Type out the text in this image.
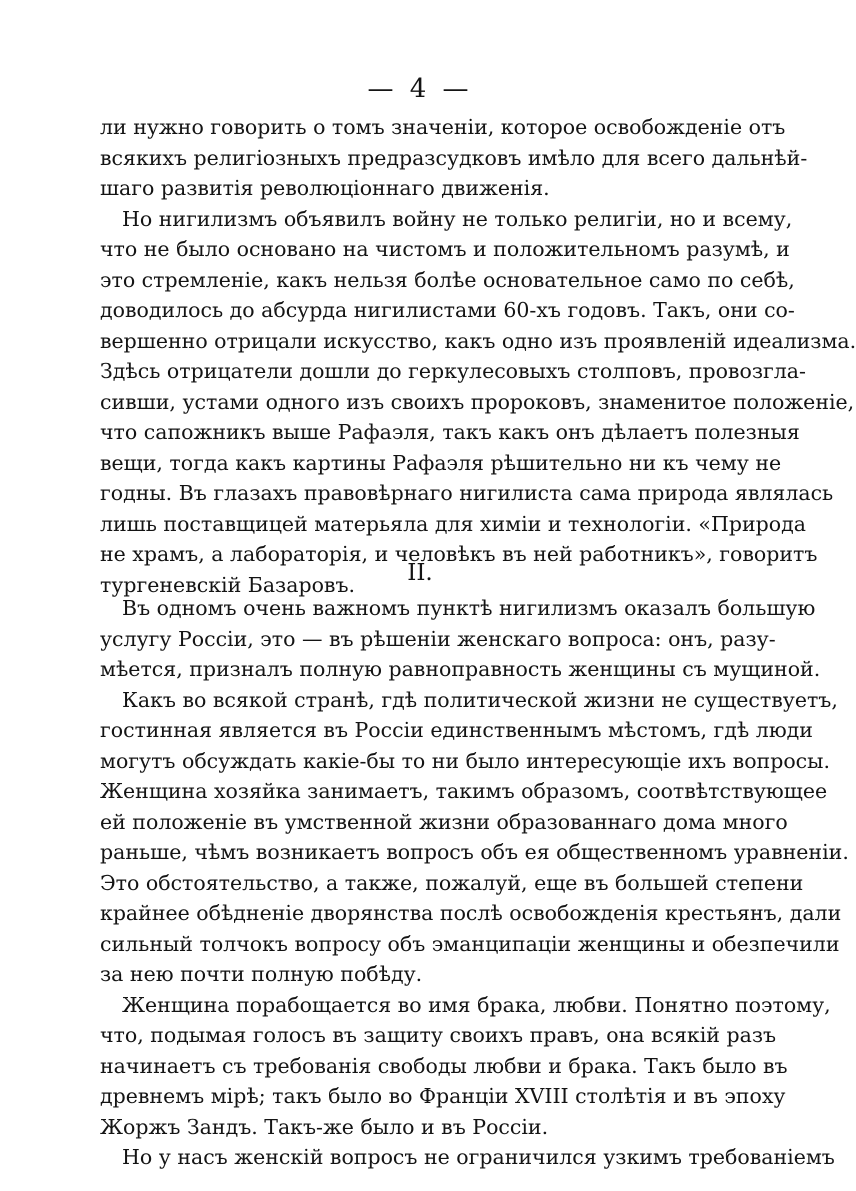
— 4 —
ли нужно говорить о томъ значеніи, которое освобожденіе отъ
всякихъ религіозныхъ предразсудковъ имѣло для всего дальнѣй-
шаго развитія революціоннаго движенія.
Но нигилизмъ объявилъ войну не только религіи, но и всему,
что не было основано на чистомъ и положительномъ разумѣ, и
это стремленіе, какъ нельзя болѣе основательное само по себѣ,
доводилось до абсурда нигилистами 60-хъ годовъ. Такъ, они со-
вершенно отрицали искусство, какъ одно изъ проявленій идеализма.
Здѣсь отрицатели дошли до геркулесовыхъ столповъ, провозгла-
сивши, устами одного изъ своихъ пророковъ, знаменитое положеніе,
что сапожникъ выше Рафаэля, такъ какъ онъ дѣлаетъ полезныя
вещи, тогда какъ картины Рафаэля рѣшительно ни къ чему не
годны. Въ глазахъ правовѣрнаго нигилиста сама природа являлась
лишь поставщицей матерьяла для химіи и технологіи. «Природа
не храмъ, а лабораторія, и человѣкъ въ ней работникъ», говоритъ
тургеневскій Базаровъ.	II.
Въ одномъ очень важномъ пунктѣ нигилизмъ оказалъ большую
услугу Россіи, это — въ рѣшеніи женскаго вопроса: онъ, разу-
мѣется, призналъ полную равноправность женщины съ мущиной.
Какъ во всякой странѣ, гдѣ политической жизни не существуетъ,
гостинная является въ Россіи единственнымъ мѣстомъ, гдѣ люди
могутъ обсуждать какіе-бы то ни было интересующіе ихъ вопросы.
Женщина хозяйка занимаетъ, такимъ образомъ, соотвѣтствующее
ей положеніе въ умственной жизни образованнаго дома много
раньше, чѣмъ возникаетъ вопросъ объ ея общественномъ уравненіи.
Это обстоятельство, а также, пожалуй, еще въ большей степени
крайнее обѣдненіе дворянства послѣ освобожденія крестьянъ, дали
сильный толчокъ вопросу объ эманципаціи женщины и обезпечили
за нею почти полную побѣду.
Женщина порабощается во имя брака, любви. Понятно поэтому,
что, подымая голосъ въ защиту своихъ правъ, она всякій разъ
начинаетъ съ требованія свободы любви и брака. Такъ было въ
древнемъ мірѣ; такъ было во Франціи XVIII столѣтія и въ эпоху
Жоржъ Зандъ. Такъ-же было и въ Россіи.
Но у насъ женскій вопросъ не ограничился узкимъ требованіемъ
